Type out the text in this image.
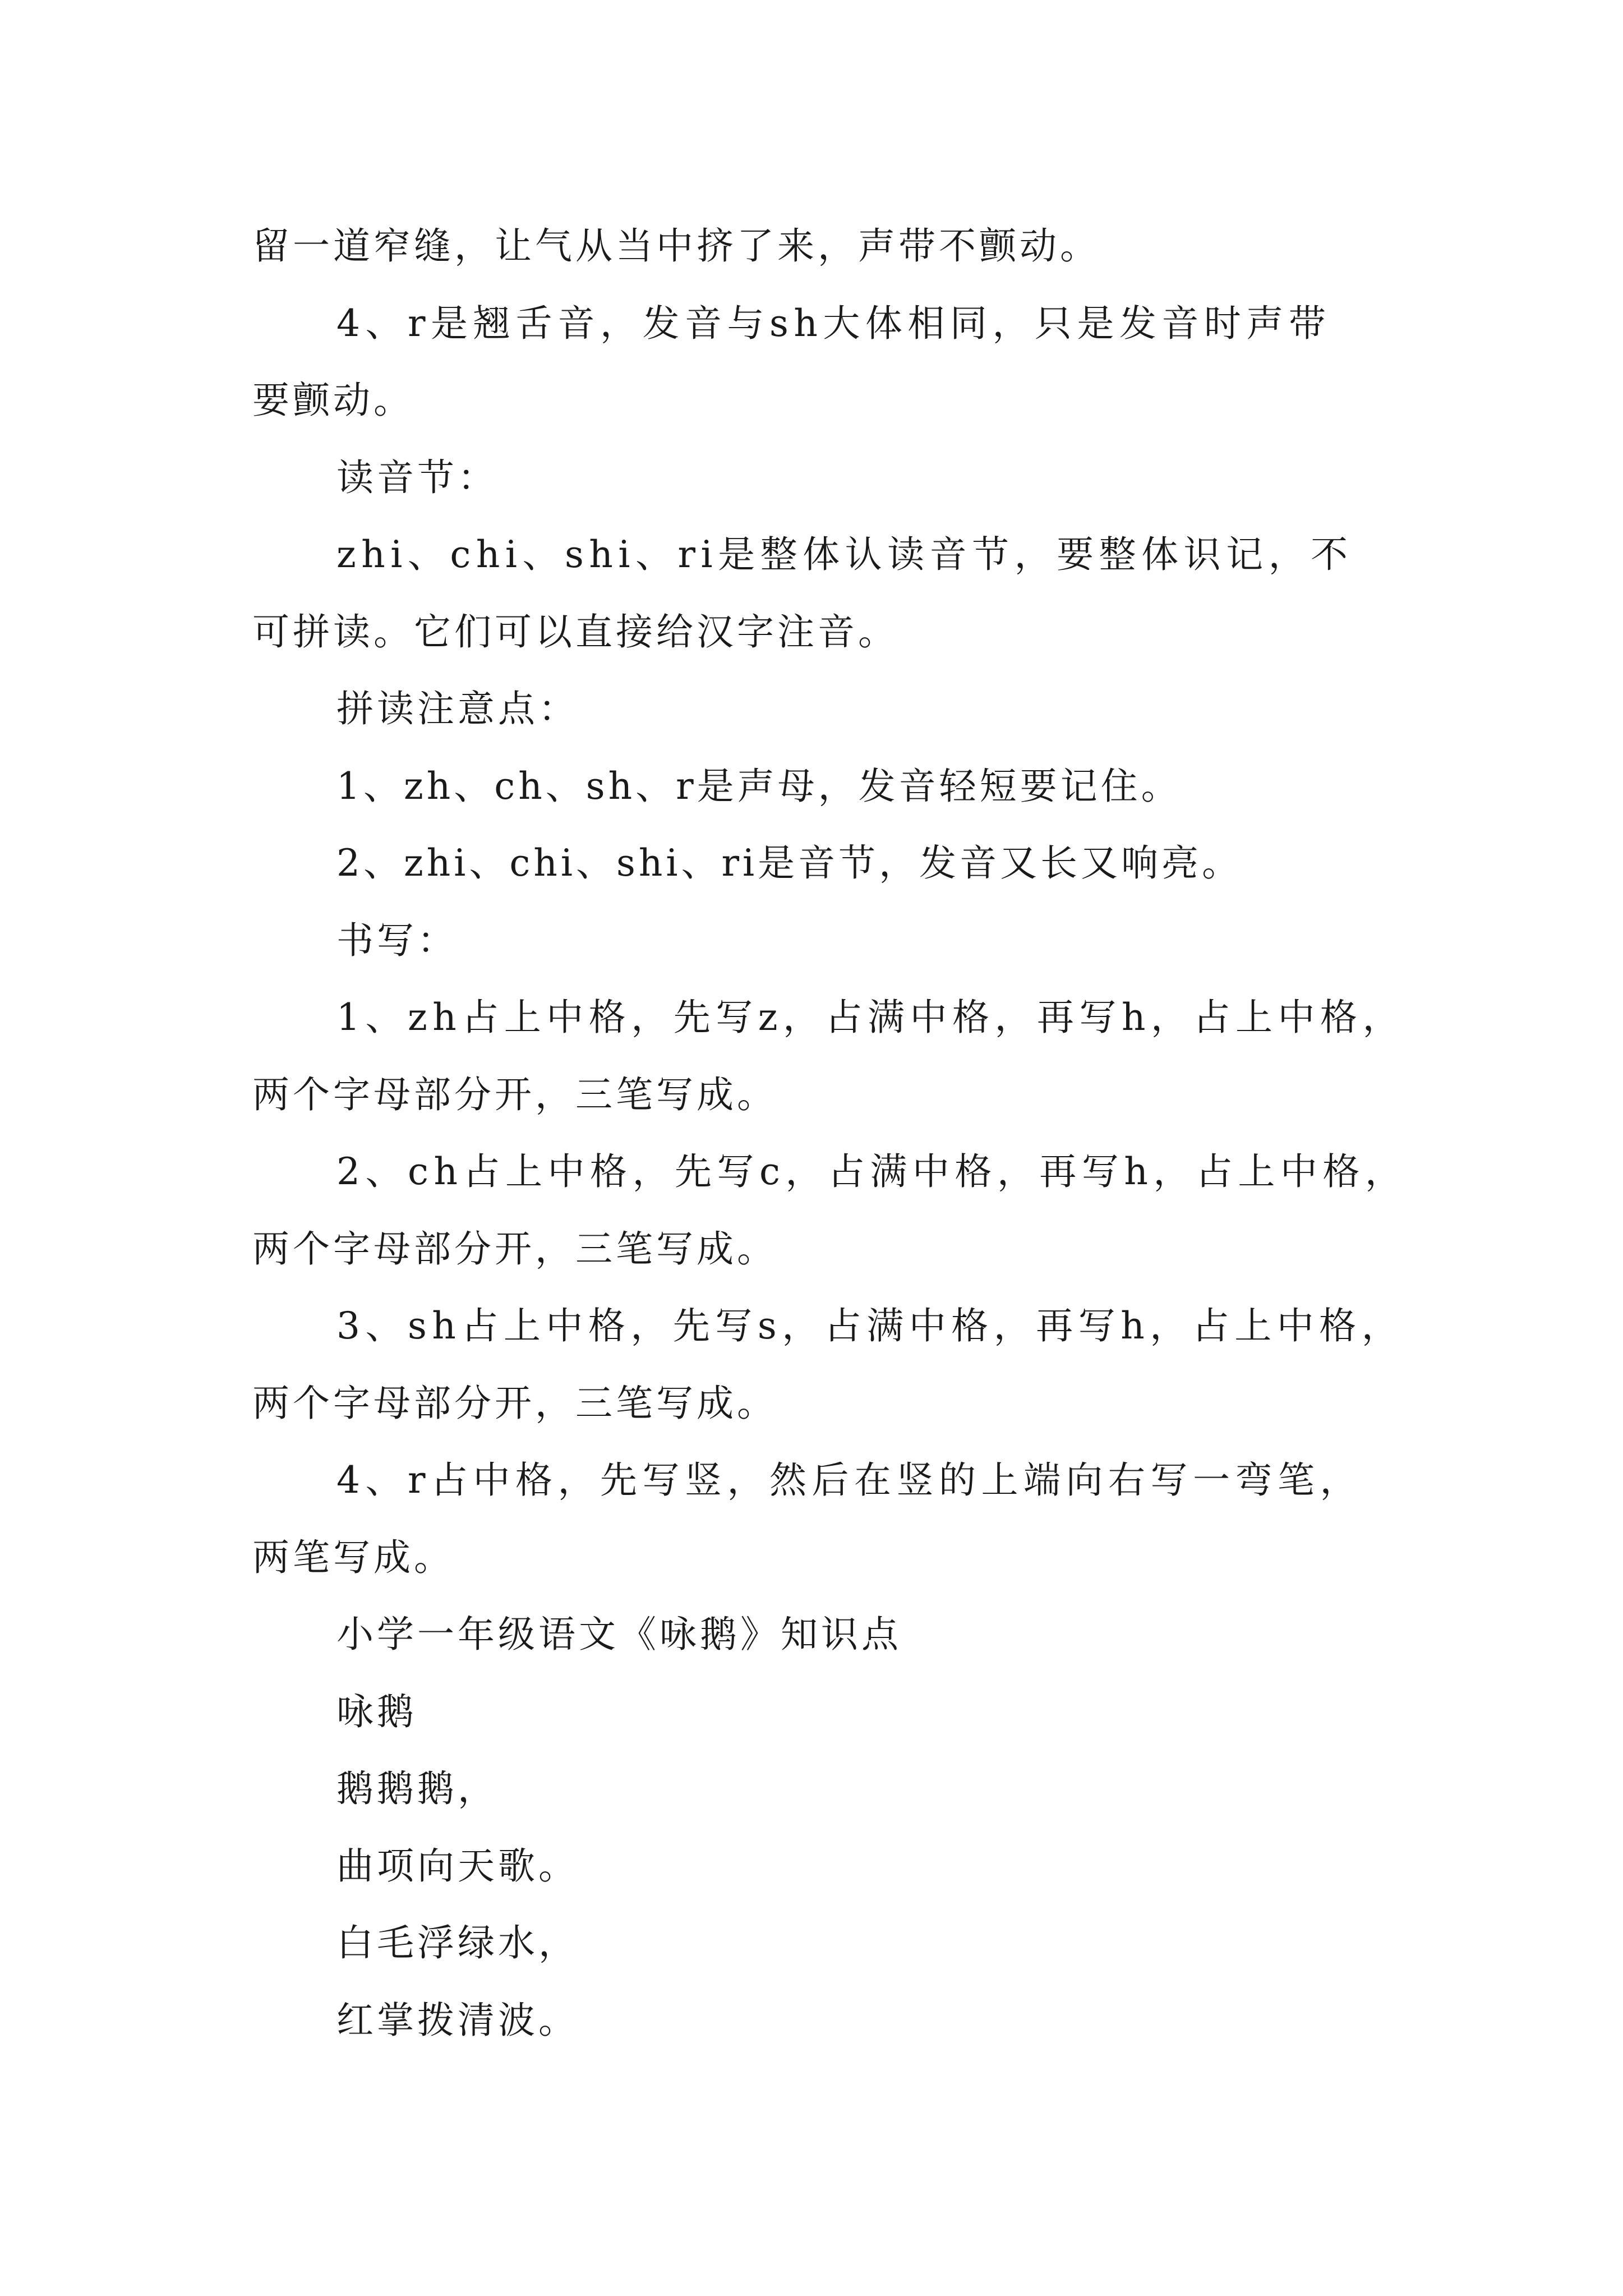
留一道窄缝，让气从当中挤了来，声带不颤动。
4、r是翘舌音，发音与sh大体相同，只是发音时声带
要颤动。
读音节：
zhi、chi、shi、ri是整体认读音节，要整体识记，不
可拼读。它们可以直接给汉字注音。
拼读注意点：
1、zh、ch、sh、r是声母，发音轻短要记住。
2、zhi、chi、shi、ri是音节，发音又长又响亮。
书写：
1、zh占上中格，先写z，占满中格，再写h，占上中格，
两个字母部分开，三笔写成。
2、ch占上中格，先写c，占满中格，再写h，占上中格，
两个字母部分开，三笔写成。
3、sh占上中格，先写s，占满中格，再写h，占上中格，
两个字母部分开，三笔写成。
4、r占中格，先写竖，然后在竖的上端向右写一弯笔，
两笔写成。
小学一年级语文《咏鹅》知识点
咏鹅
鹅鹅鹅，
曲项向天歌。
白毛浮绿水，
红掌拨清波。
